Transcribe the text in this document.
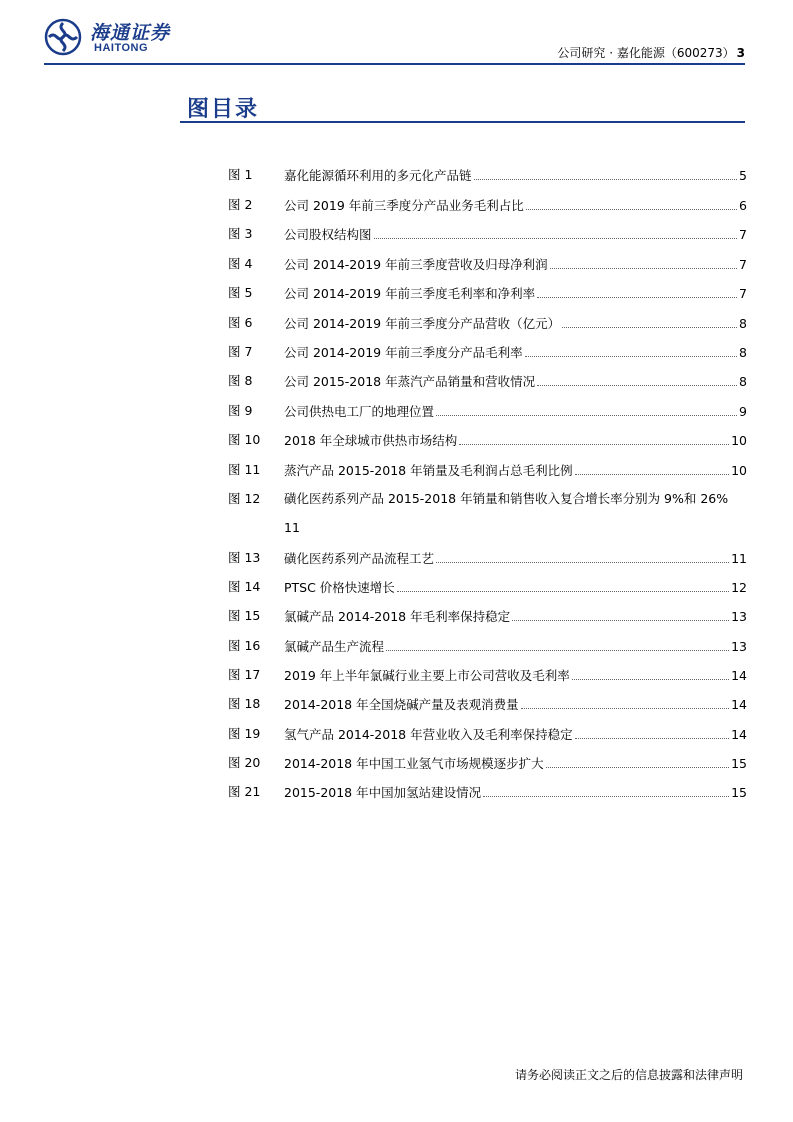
海通证券
HAITONG	公司研究 · 嘉化能源（600273） 3
图目录
图 1	嘉化能源循环利用的多元化产品链	5
图 2	公司 2019 年前三季度分产品业务毛利占比	6
图 3	公司股权结构图	7
图 4	公司 2014-2019 年前三季度营收及归母净利润	7
图 5	公司 2014-2019 年前三季度毛利率和净利率	7
图 6	公司 2014-2019 年前三季度分产品营收（亿元）	8
图 7	公司 2014-2019 年前三季度分产品毛利率	8
图 8	公司 2015-2018 年蒸汽产品销量和营收情况	8
图 9	公司供热电工厂的地理位置	9
图 10 2018 年全球城市供热市场结构	10
图 11 蒸汽产品 2015-2018 年销量及毛利润占总毛利比例	10
图 12 磺化医药系列产品 2015-2018 年销量和销售收入复合增长率分别为 9%和 26%
11
图 13 磺化医药系列产品流程工艺	11
图 14 PTSC 价格快速增长	12
图 15 氯碱产品 2014-2018 年毛利率保持稳定	13
图 16 氯碱产品生产流程	13
图 17 2019 年上半年氯碱行业主要上市公司营收及毛利率	14
图 18 2014-2018 年全国烧碱产量及表观消费量	14
图 19 氢气产品 2014-2018 年营业收入及毛利率保持稳定	14
图 20 2014-2018 年中国工业氢气市场规模逐步扩大	15
图 21 2015-2018 年中国加氢站建设情况	15
请务必阅读正文之后的信息披露和法律声明
